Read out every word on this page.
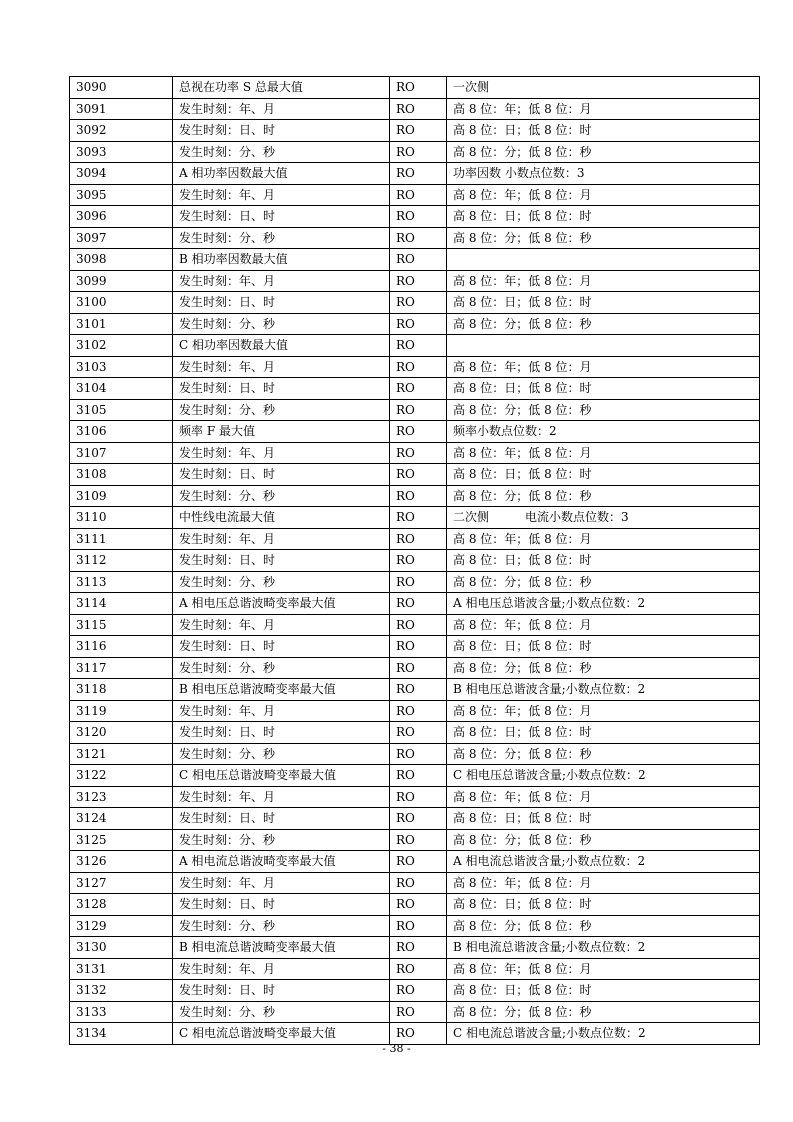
3090	总视在功率 S 总最大值	RO	一次侧	
3091	发生时刻：年、月	RO	高 8 位：年；低 8 位：月	
3092	发生时刻：日、时	RO	高 8 位：日；低 8 位：时	
3093	发生时刻：分、秒	RO	高 8 位：分；低 8 位：秒	
3094	A 相功率因数最大值	RO	功率因数 小数点位数：3	
3095	发生时刻：年、月	RO	高 8 位：年；低 8 位：月	
3096	发生时刻：日、时	RO	高 8 位：日；低 8 位：时	
3097	发生时刻：分、秒	RO	高 8 位：分；低 8 位：秒	
3098	B 相功率因数最大值	RO		
3099	发生时刻：年、月	RO	高 8 位：年；低 8 位：月	
3100	发生时刻：日、时	RO	高 8 位：日；低 8 位：时	
3101	发生时刻：分、秒	RO	高 8 位：分；低 8 位：秒	
3102	C 相功率因数最大值	RO		
3103	发生时刻：年、月	RO	高 8 位：年；低 8 位：月	
3104	发生时刻：日、时	RO	高 8 位：日；低 8 位：时	
3105	发生时刻：分、秒	RO	高 8 位：分；低 8 位：秒	
3106	频率 F 最大值	RO	频率小数点位数：2	
3107	发生时刻：年、月	RO	高 8 位：年；低 8 位：月	
3108	发生时刻：日、时	RO	高 8 位：日；低 8 位：时	
3109	发生时刻：分、秒	RO	高 8 位：分；低 8 位：秒	
3110	中性线电流最大值	RO	二次侧　　　电流小数点位数：3	
3111	发生时刻：年、月	RO	高 8 位：年；低 8 位：月	
3112	发生时刻：日、时	RO	高 8 位：日；低 8 位：时	
3113	发生时刻：分、秒	RO	高 8 位：分；低 8 位：秒	
3114	A 相电压总谐波畸变率最大值	RO	A 相电压总谐波含量;小数点位数：2	
3115	发生时刻：年、月	RO	高 8 位：年；低 8 位：月	
3116	发生时刻：日、时	RO	高 8 位：日；低 8 位：时	
3117	发生时刻：分、秒	RO	高 8 位：分；低 8 位：秒	
3118	B 相电压总谐波畸变率最大值	RO	B 相电压总谐波含量;小数点位数：2	
3119	发生时刻：年、月	RO	高 8 位：年；低 8 位：月	
3120	发生时刻：日、时	RO	高 8 位：日；低 8 位：时	
3121	发生时刻：分、秒	RO	高 8 位：分；低 8 位：秒	
3122	C 相电压总谐波畸变率最大值	RO	C 相电压总谐波含量;小数点位数：2	
3123	发生时刻：年、月	RO	高 8 位：年；低 8 位：月	
3124	发生时刻：日、时	RO	高 8 位：日；低 8 位：时	
3125	发生时刻：分、秒	RO	高 8 位：分；低 8 位：秒	
3126	A 相电流总谐波畸变率最大值	RO	A 相电流总谐波含量;小数点位数：2	
3127	发生时刻：年、月	RO	高 8 位：年；低 8 位：月	
3128	发生时刻：日、时	RO	高 8 位：日；低 8 位：时	
3129	发生时刻：分、秒	RO	高 8 位：分；低 8 位：秒	
3130	B 相电流总谐波畸变率最大值	RO	B 相电流总谐波含量;小数点位数：2	
3131	发生时刻：年、月	RO	高 8 位：年；低 8 位：月	
3132	发生时刻：日、时	RO	高 8 位：日；低 8 位：时	
3133	发生时刻：分、秒	RO	高 8 位：分；低 8 位：秒	
3134	C 相电流总谐波畸变率最大值	RO	C 相电流总谐波含量;小数点位数：2	
- 38 -
